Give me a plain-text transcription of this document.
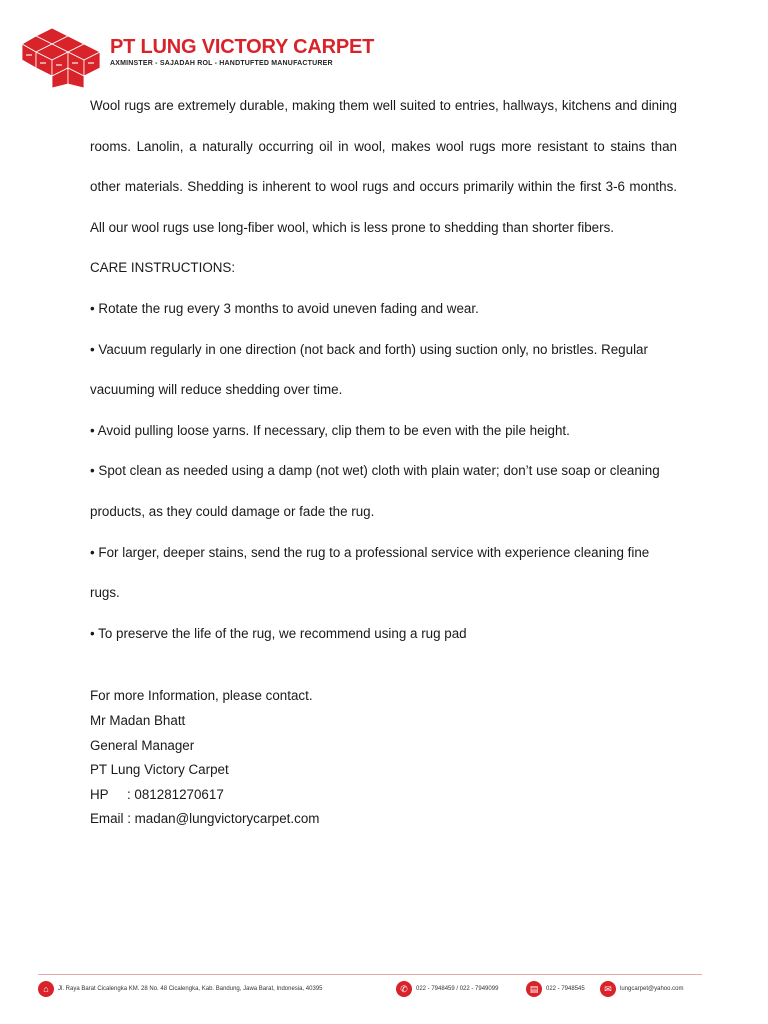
PT LUNG VICTORY CARPET
AXMINSTER - SAJADAH ROL - HANDTUFTED MANUFACTURER

Wool rugs are extremely durable, making them well suited to entries, hallways, kitchens and dining rooms. Lanolin, a naturally occurring oil in wool, makes wool rugs more resistant to stains than other materials. Shedding is inherent to wool rugs and occurs primarily within the first 3-6 months. All our wool rugs use long-fiber wool, which is less prone to shedding than shorter fibers.

CARE INSTRUCTIONS:

• Rotate the rug every 3 months to avoid uneven fading and wear.

• Vacuum regularly in one direction (not back and forth) using suction only, no bristles. Regular vacuuming will reduce shedding over time.

• Avoid pulling loose yarns. If necessary, clip them to be even with the pile height.

• Spot clean as needed using a damp (not wet) cloth with plain water; don’t use soap or cleaning products, as they could damage or fade the rug.

• For larger, deeper stains, send the rug to a professional service with experience cleaning fine rugs.

• To preserve the life of the rug, we recommend using a rug pad

For more Information, please contact.

Mr Madan Bhatt

General Manager

PT Lung Victory Carpet

HP     : 081281270617

Email : madan@lungvictorycarpet.com

⌂	Jl. Raya Barat Cicalengka KM. 28 No. 48 Cicalengka, Kab. Bandung, Jawa Barat, Indonesia, 40395	✆	022 - 7948459 / 022 - 7949099	▤	022 - 7948545	✉	lungcarpet@yahoo.com
